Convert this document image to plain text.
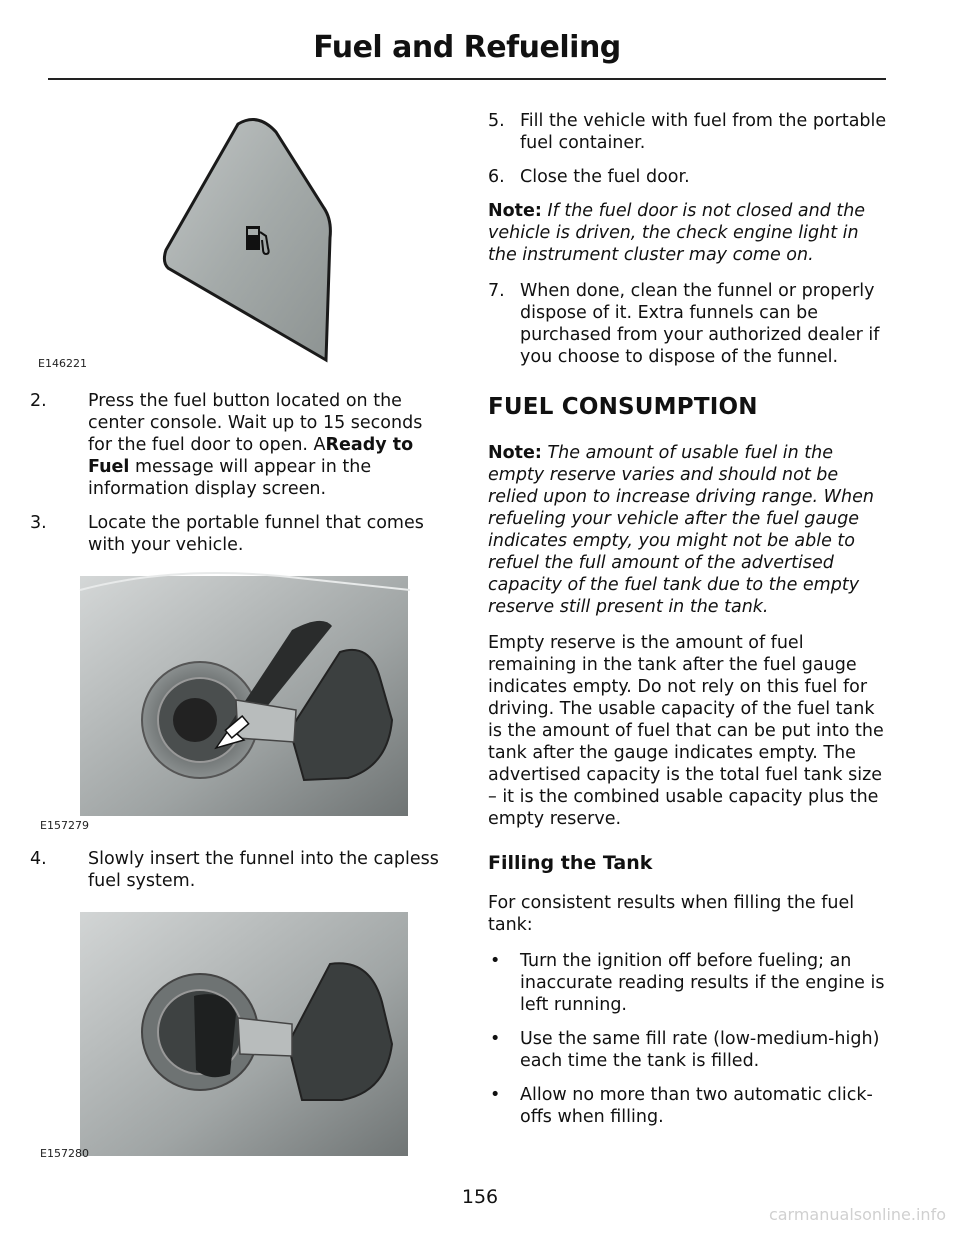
Fuel and Refueling
E146221
2. Press the fuel button located on the center console. Wait up to 15 seconds for the fuel door to open. AReady to Fuel message will appear in the information display screen.
3. Locate the portable funnel that comes with your vehicle.
E157279
4. Slowly insert the funnel into the capless fuel system.
E157280
5. Fill the vehicle with fuel from the portable fuel container.
6. Close the fuel door.
Note: If the fuel door is not closed and the vehicle is driven, the check engine light in the instrument cluster may come on.
7. When done, clean the funnel or properly dispose of it. Extra funnels can be purchased from your authorized dealer if you choose to dispose of the funnel.
FUEL CONSUMPTION
Note: The amount of usable fuel in the empty reserve varies and should not be relied upon to increase driving range. When refueling your vehicle after the fuel gauge indicates empty, you might not be able to refuel the full amount of the advertised capacity of the fuel tank due to the empty reserve still present in the tank.
Empty reserve is the amount of fuel remaining in the tank after the fuel gauge indicates empty. Do not rely on this fuel for driving. The usable capacity of the fuel tank is the amount of fuel that can be put into the tank after the gauge indicates empty. The advertised capacity is the total fuel tank size – it is the combined usable capacity plus the empty reserve.
Filling the Tank
For consistent results when filling the fuel tank:
• Turn the ignition off before fueling; an inaccurate reading results if the engine is left running.
• Use the same fill rate (low-medium-high) each time the tank is filled.
• Allow no more than two automatic click-offs when filling.
156
carmanualsonline.info
